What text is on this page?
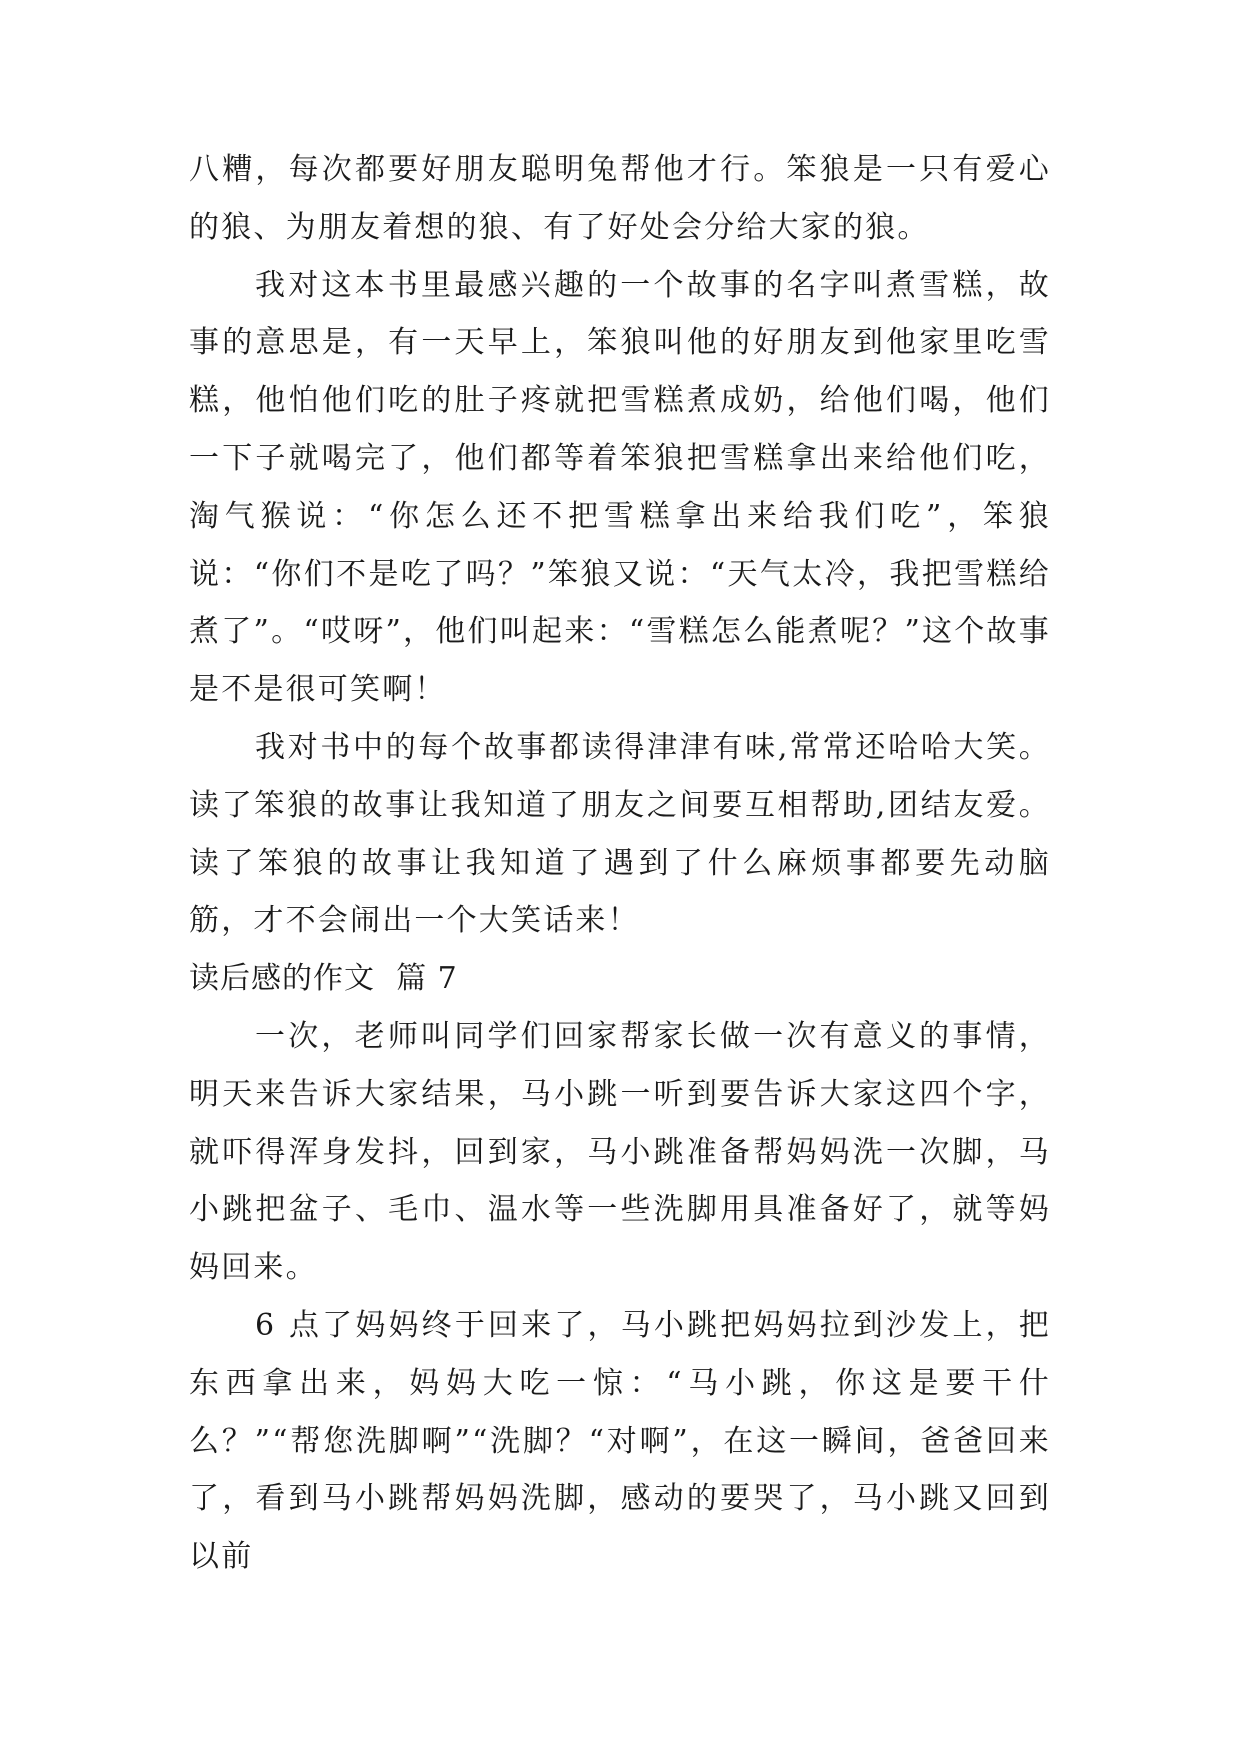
八糟，每次都要好朋友聪明兔帮他才行。笨狼是一只有爱心的狼、为朋友着想的狼、有了好处会分给大家的狼。

我对这本书里最感兴趣的一个故事的名字叫煮雪糕，故事的意思是，有一天早上，笨狼叫他的好朋友到他家里吃雪糕，他怕他们吃的肚子疼就把雪糕煮成奶，给他们喝，他们一下子就喝完了，他们都等着笨狼把雪糕拿出来给他们吃，淘气猴说：“你怎么还不把雪糕拿出来给我们吃”，笨狼说：“你们不是吃了吗？”笨狼又说：“天气太冷，我把雪糕给煮了”。“哎呀”，他们叫起来：“雪糕怎么能煮呢？”这个故事是不是很可笑啊！

我对书中的每个故事都读得津津有味,常常还哈哈大笑。读了笨狼的故事让我知道了朋友之间要互相帮助,团结友爱。读了笨狼的故事让我知道了遇到了什么麻烦事都要先动脑筋，才不会闹出一个大笑话来！

读后感的作文  篇 7

一次，老师叫同学们回家帮家长做一次有意义的事情，明天来告诉大家结果，马小跳一听到要告诉大家这四个字，就吓得浑身发抖，回到家，马小跳准备帮妈妈洗一次脚，马小跳把盆子、毛巾、温水等一些洗脚用具准备好了，就等妈妈回来。

6 点了妈妈终于回来了，马小跳把妈妈拉到沙发上，把东西拿出来，妈妈大吃一惊：“马小跳，你这是要干什么？”“帮您洗脚啊”“洗脚？“对啊”，在这一瞬间，爸爸回来了，看到马小跳帮妈妈洗脚，感动的要哭了，马小跳又回到以前
